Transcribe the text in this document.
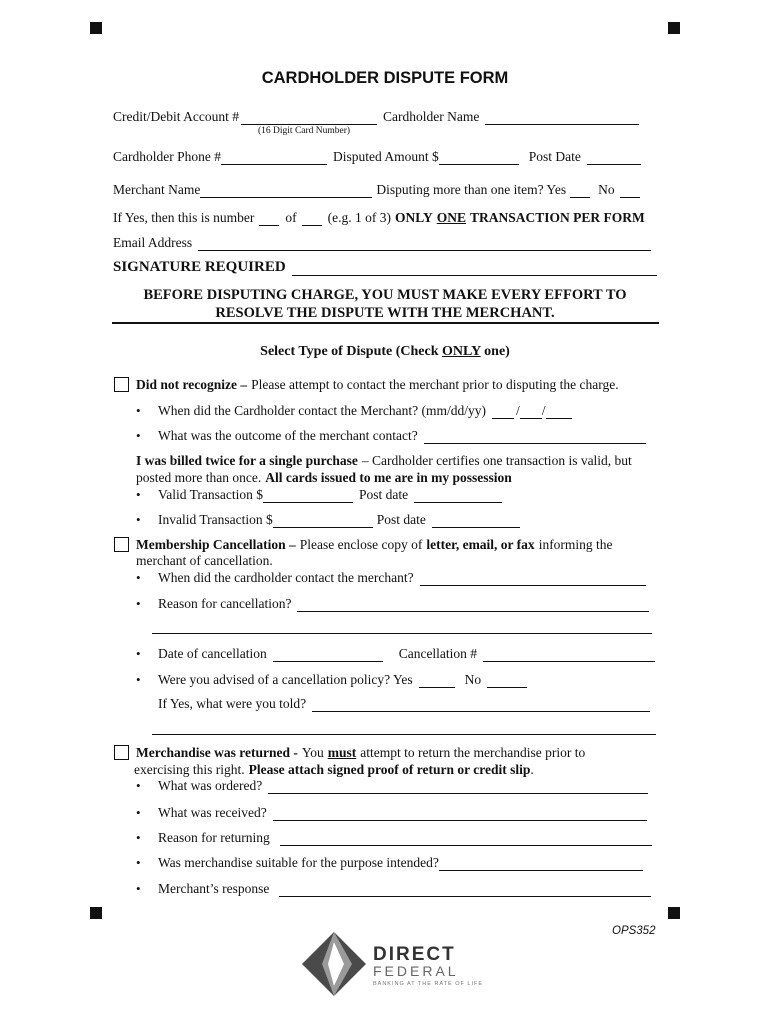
CARDHOLDER DISPUTE FORM
Credit/Debit Account #	Cardholder Name
(16 Digit Card Number)
Cardholder Phone #	Disputed Amount $	Post Date
Merchant Name	Disputing more than one item? Yes No
If Yes, then this is number of (e.g. 1 of 3) ONLY ONE TRANSACTION PER FORM
Email Address
SIGNATURE REQUIRED
BEFORE DISPUTING CHARGE, YOU MUST MAKE EVERY EFFORT TO
RESOLVE THE DISPUTE WITH THE MERCHANT.
Select Type of Dispute (Check ONLY one)
Did not recognize – Please attempt to contact the merchant prior to disputing the charge.
• When did the Cardholder contact the Merchant? (mm/dd/yy) / /
• What was the outcome of the merchant contact?
I was billed twice for a single purchase – Cardholder certifies one transaction is valid, but
posted more than once. All cards issued to me are in my possession
• Valid Transaction $	Post date
• Invalid Transaction $	Post date
Membership Cancellation – Please enclose copy of letter, email, or fax informing the
merchant of cancellation.
• When did the cardholder contact the merchant?
• Reason for cancellation?
• Date of cancellation	Cancellation #
• Were you advised of a cancellation policy? Yes	No
If Yes, what were you told?
Merchandise was returned - You must attempt to return the merchandise prior to
exercising this right. Please attach signed proof of return or credit slip .
• What was ordered?
• What was received?
• Reason for returning
• Was merchandise suitable for the purpose intended?
• Merchant’s response
OPS352
DIRECT
FEDERAL
BANKING AT THE RATE OF LIFE
